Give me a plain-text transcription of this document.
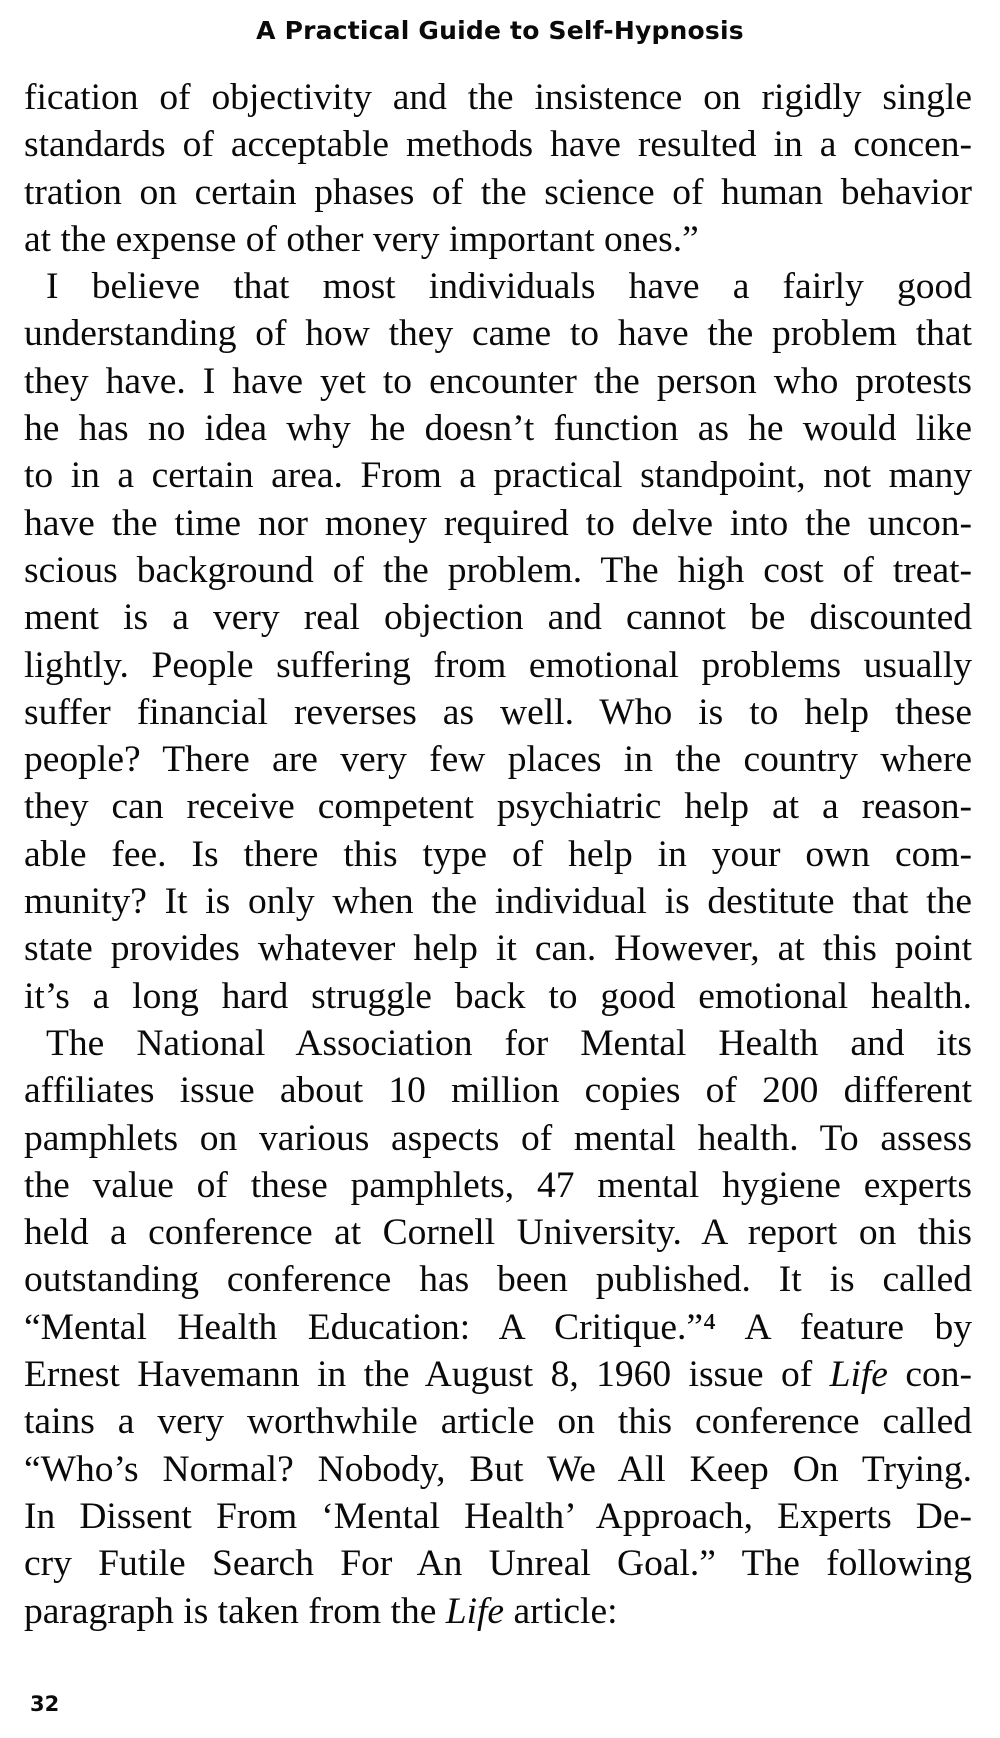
A Practical Guide to Self-Hypnosis

fication of objectivity and the insistence on rigidly single
standards of acceptable methods have resulted in a concen-
tration on certain phases of the science of human behavior
at the expense of other very important ones.”

I believe that most individuals have a fairly good
understanding of how they came to have the problem that
they have. I have yet to encounter the person who protests
he has no idea why he doesn’t function as he would like
to in a certain area. From a practical standpoint, not many
have the time nor money required to delve into the uncon-
scious background of the problem. The high cost of treat-
ment is a very real objection and cannot be discounted
lightly. People suffering from emotional problems usually
suffer financial reverses as well. Who is to help these
people? There are very few places in the country where
they can receive competent psychiatric help at a reason-
able fee. Is there this type of help in your own com-
munity? It is only when the individual is destitute that the
state provides whatever help it can. However, at this point
it’s a long hard struggle back to good emotional health.

The National Association for Mental Health and its
affiliates issue about 10 million copies of 200 different
pamphlets on various aspects of mental health. To assess
the value of these pamphlets, 47 mental hygiene experts
held a conference at Cornell University. A report on this
outstanding conference has been published. It is called
“Mental Health Education: A Critique.”⁴ A feature by
Ernest Havemann in the August 8, 1960 issue of Life con-
tains a very worthwhile article on this conference called
“Who’s Normal? Nobody, But We All Keep On Trying.
In Dissent From ‘Mental Health’ Approach, Experts De-
cry Futile Search For An Unreal Goal.” The following
paragraph is taken from the Life article:

32
